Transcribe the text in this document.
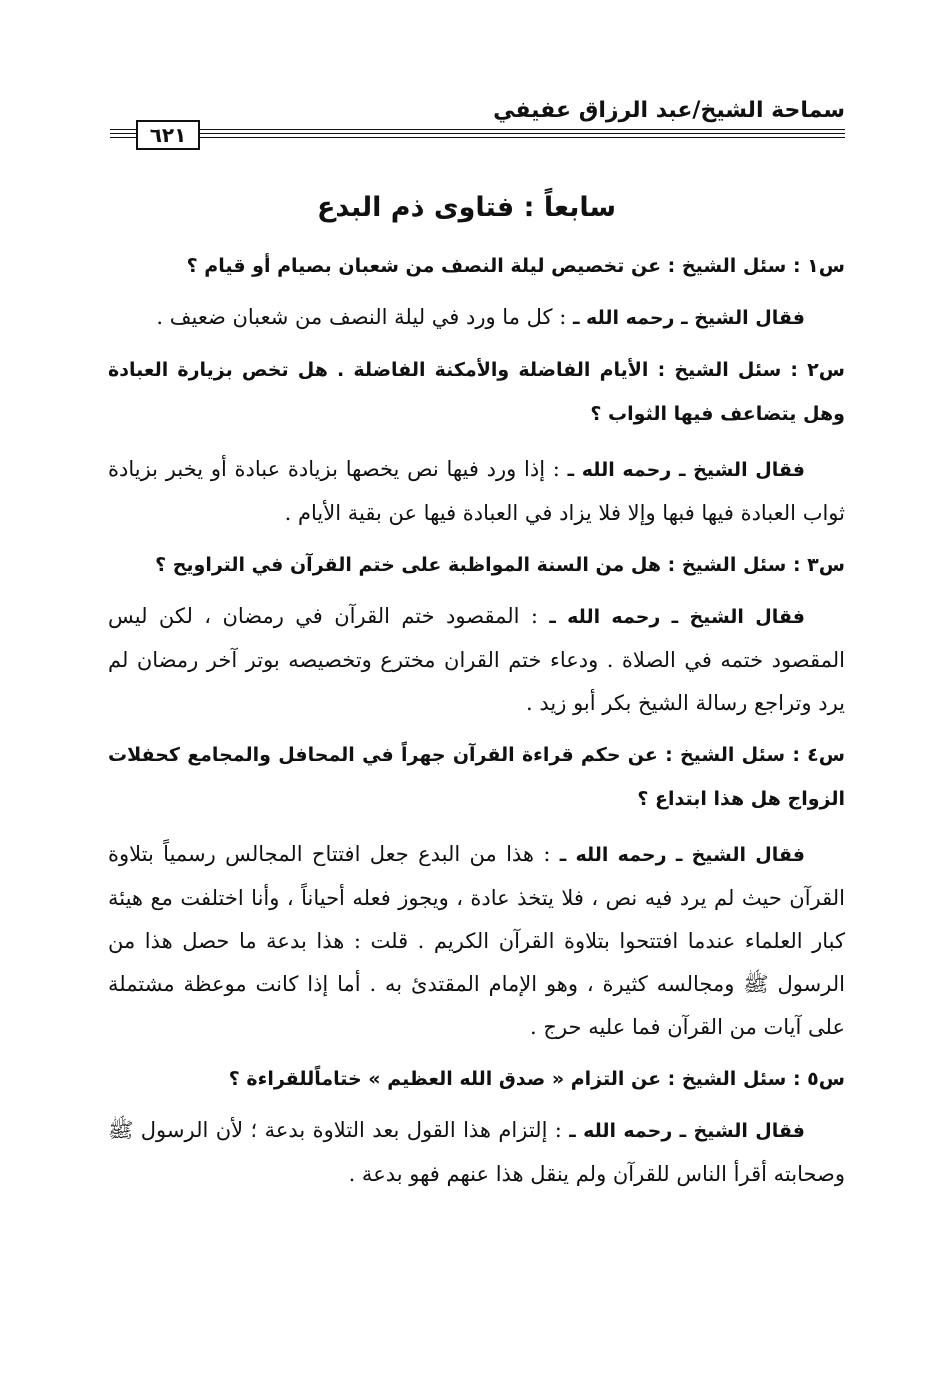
سماحة الشيخ/عبد الرزاق عفيفي
٦٢١
سابعاً : فتاوى ذم البدع

س١ : سئل الشيخ : عن تخصيص ليلة النصف من شعبان بصيام أو قيام ؟

فقال الشيخ ـ رحمه الله ـ : كل ما ورد في ليلة النصف من شعبان ضعيف .

س٢ : سئل الشيخ : الأيام الفاضلة والأمكنة الفاضلة . هل تخص بزيارة العبادة وهل يتضاعف فيها الثواب ؟

فقال الشيخ ـ رحمه الله ـ : إذا ورد فيها نص يخصها بزيادة عبادة أو يخبر بزيادة ثواب العبادة فيها فبها وإلا فلا يزاد في العبادة فيها عن بقية الأيام .

س٣ : سئل الشيخ : هل من السنة المواظبة على ختم القرآن في التراويح ؟

فقال الشيخ ـ رحمه الله ـ : المقصود ختم القرآن في رمضان ، لكن ليس المقصود ختمه في الصلاة . ودعاء ختم القران مخترع وتخصيصه بوتر آخر رمضان لم يرد وتراجع رسالة الشيخ بكر أبو زيد .

س٤ : سئل الشيخ : عن حكم قراءة القرآن جهراً في المحافل والمجامع كحفلات الزواج هل هذا ابتداع ؟

فقال الشيخ ـ رحمه الله ـ : هذا من البدع جعل افتتاح المجالس رسمياً بتلاوة القرآن حيث لم يرد فيه نص ، فلا يتخذ عادة ، ويجوز فعله أحياناً ، وأنا اختلفت مع هيئة كبار العلماء عندما افتتحوا بتلاوة القرآن الكريم . قلت : هذا بدعة ما حصل هذا من الرسول ﷺ ومجالسه كثيرة ، وهو الإمام المقتدئ به . أما إذا كانت موعظة مشتملة على آيات من القرآن فما عليه حرج .

س٥ : سئل الشيخ : عن التزام « صدق الله العظيم » ختاماًللقراءة ؟

فقال الشيخ ـ رحمه الله ـ : إلتزام هذا القول بعد التلاوة بدعة ؛ لأن الرسول ﷺ وصحابته أقرأ الناس للقرآن ولم ينقل هذا عنهم فهو بدعة .
